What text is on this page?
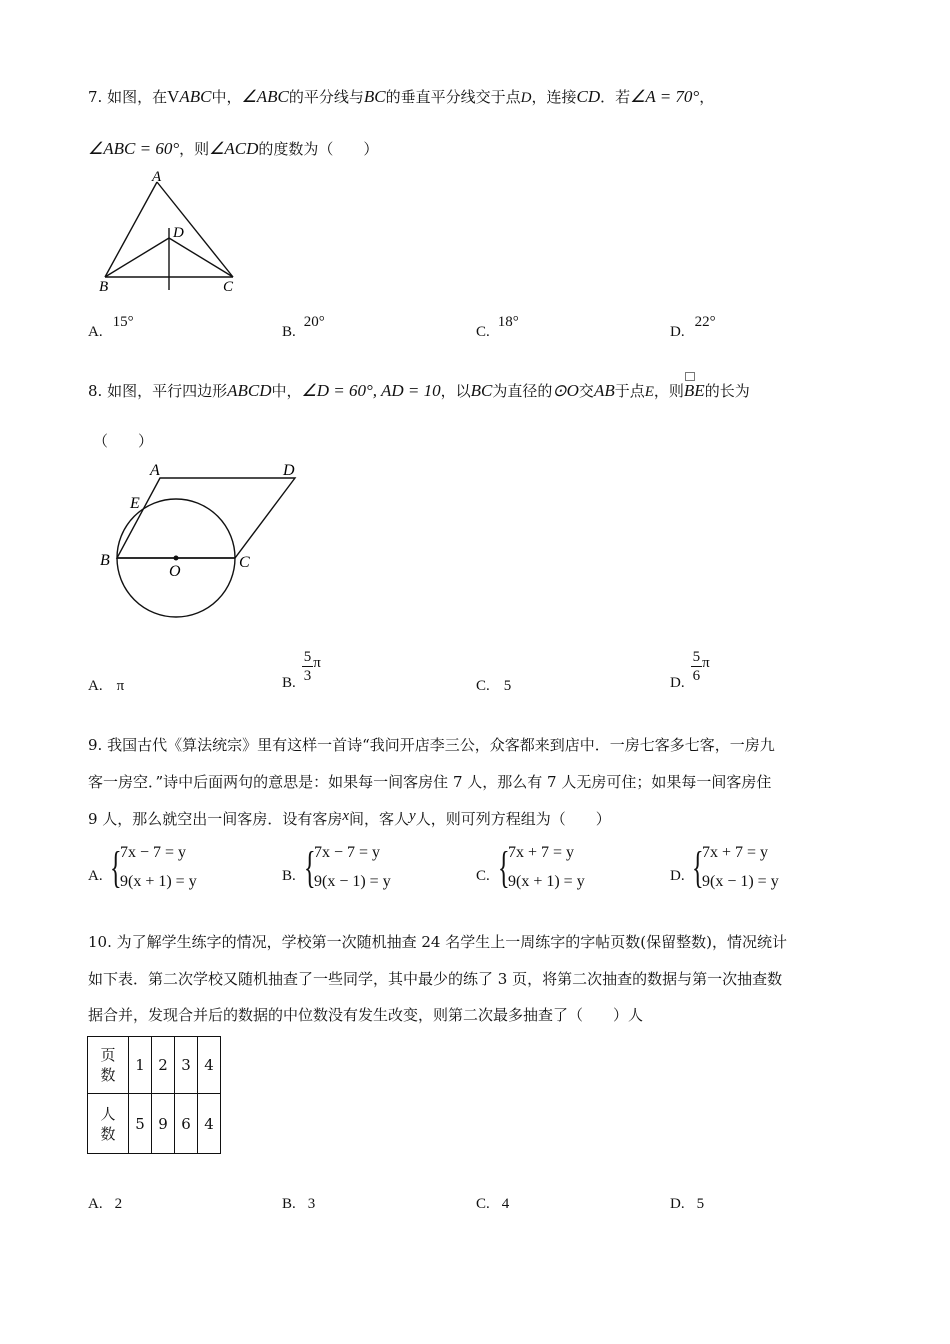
7. 如图，在VABC中，∠ABC的平分线与BC的垂直平分线交于点D，连接CD．若∠A = 70°，
∠ABC = 60°，则∠ACD的度数为（　　）
A
D
B	C
A.15°
B.20°
C.18°
D.22°
8. 如图，平行四边形ABCD中，∠D = 60°, AD = 10，以BC为直径的⊙O交AB于点E，则
BE的长为
（　　）
A	D
E
B	C
O
A. π	B. $\frac{5}{3}$ π
C. 5	D. $\frac{5}{6}$ π
9. 我国古代《算法统宗》里有这样一首诗“我问开店李三公，众客都来到店中．一房七客多七客，一房九
客一房空．”诗中后面两句的意思是：如果每一间客房住 7 人，那么有 7 人无房可住；如果每一间客房住
9 人，那么就空出一间客房．设有客房x间，客人y人，则可列方程组为（　　）
A. {
7x − 7 = y
9(x + 1) = y	B. {
7x − 7 = y
9(x − 1) = y	C. {
7x + 7 = y
9(x + 1) = y	D. {
7x + 7 = y
9(x − 1) = y
10. 为了解学生练字的情况，学校第一次随机抽查 24 名学生上一周练字的字帖页数(保留整数)，情况统计
如下表．第二次学校又随机抽查了一些同学，其中最少的练了 3 页，将第二次抽查的数据与第一次抽查数
据合并，发现合并后的数据的中位数没有发生改变，则第二次最多抽查了（　　）人
页
数	1	2	3	4

人
数	5	9	6	4
A. 2	B. 3	C. 4	D. 5
